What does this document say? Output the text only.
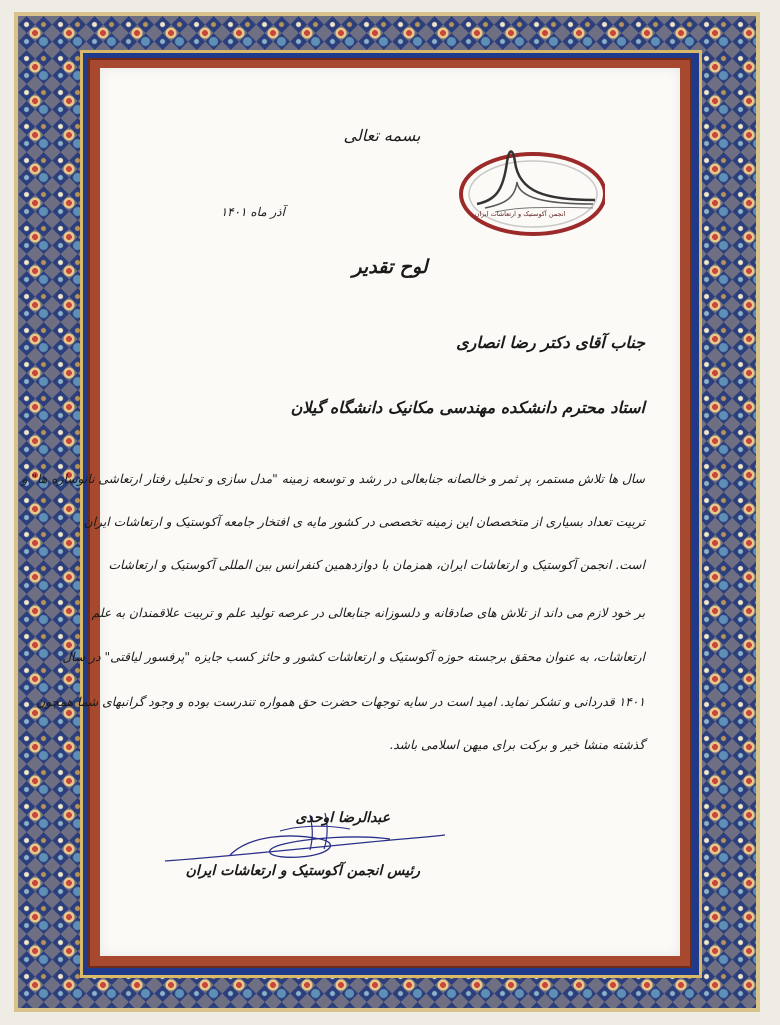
انجمن آکوستیک و ارتعاشات ایران
بسمه تعالی
آذر ماه ۱۴۰۱
لوح تقدیر
جناب آقای دکتر رضا انصاری
استاد محترم دانشکده مهندسی مکانیک دانشگاه گیلان
سال ها تلاش مستمر، پر ثمر و خالصانه جنابعالی در رشد و توسعه زمینه "مدل سازی و تحلیل رفتار ارتعاشی نانوسازه ها" و
تربیت تعداد بسیاری از متخصصان این زمینه تخصصی در کشور مایه ی افتخار جامعه آکوستیک و ارتعاشات ایران
است. انجمن آکوستیک و ارتعاشات ایران، همزمان با دوازدهمین کنفرانس بین المللی آکوستیک و ارتعاشات
بر خود لازم می داند از تلاش های صادقانه و دلسوزانه جنابعالی در عرصه تولید علم و تربیت علاقمندان به علم
ارتعاشات، به عنوان محقق برجسته حوزه آکوستیک و ارتعاشات کشور و حائز کسب جایزه "پرفسور لیاقتی" در سال
۱۴۰۱ قدردانی و تشکر نماید. امید است در سایه توجهات حضرت حق همواره تندرست بوده و وجود گرانبهای شما همچون
گذشته منشا خیر و برکت برای میهن اسلامی باشد.
عبدالرضا اوحدی
رئیس انجمن آکوستیک و ارتعاشات ایران
